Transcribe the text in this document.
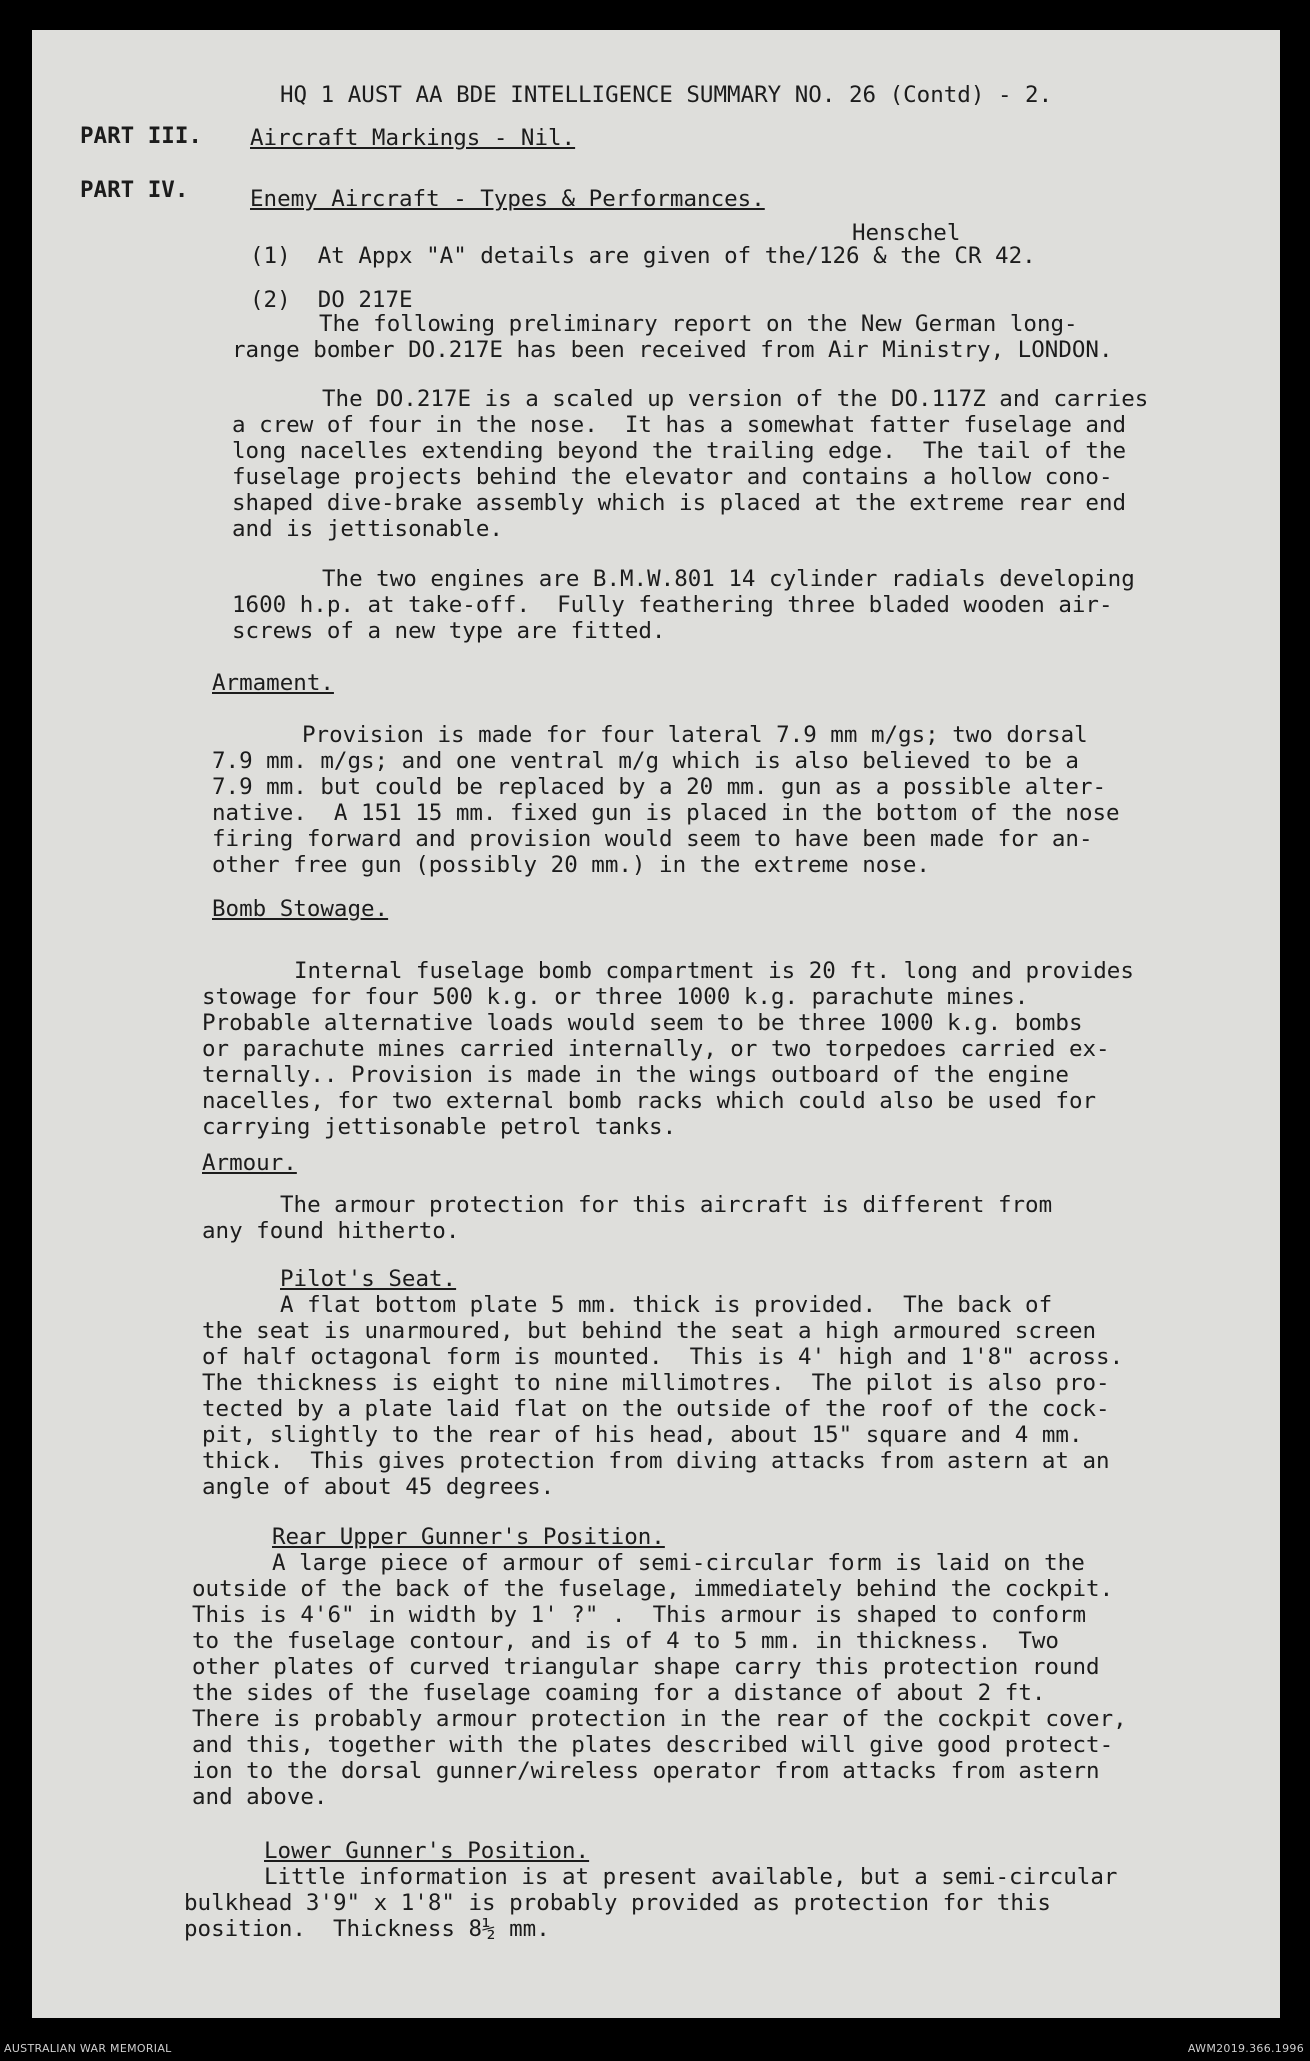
HQ 1 AUST AA BDE INTELLIGENCE SUMMARY NO. 26 (Contd) - 2.
PART III. Aircraft Markings - Nil.
PART IV.	Enemy Aircraft - Types & Performances.
Henschel
(1)  At Appx "A" details are given of the/126 & the CR 42.
(2)  DO 217E
The following preliminary report on the New German long-
range bomber DO.217E has been received from Air Ministry, LONDON.
The DO.217E is a scaled up version of the DO.117Z and carries
a crew of four in the nose.  It has a somewhat fatter fuselage and
long nacelles extending beyond the trailing edge.  The tail of the
fuselage projects behind the elevator and contains a hollow cono-
shaped dive-brake assembly which is placed at the extreme rear end
and is jettisonable.
The two engines are B.M.W.801 14 cylinder radials developing
1600 h.p. at take-off.  Fully feathering three bladed wooden air-
screws of a new type are fitted.
Armament.
Provision is made for four lateral 7.9 mm m/gs; two dorsal
7.9 mm. m/gs; and one ventral m/g which is also believed to be a
7.9 mm. but could be replaced by a 20 mm. gun as a possible alter-
native.  A 151 15 mm. fixed gun is placed in the bottom of the nose
firing forward and provision would seem to have been made for an-
other free gun (possibly 20 mm.) in the extreme nose.
Bomb Stowage.
Internal fuselage bomb compartment is 20 ft. long and provides
stowage for four 500 k.g. or three 1000 k.g. parachute mines.
Probable alternative loads would seem to be three 1000 k.g. bombs
or parachute mines carried internally, or two torpedoes carried ex-
ternally.. Provision is made in the wings outboard of the engine
nacelles, for two external bomb racks which could also be used for
carrying jettisonable petrol tanks.
Armour.
The armour protection for this aircraft is different from
any found hitherto.
Pilot's Seat.
A flat bottom plate 5 mm. thick is provided.  The back of
the seat is unarmoured, but behind the seat a high armoured screen
of half octagonal form is mounted.  This is 4' high and 1'8" across.
The thickness is eight to nine millimotres.  The pilot is also pro-
tected by a plate laid flat on the outside of the roof of the cock-
pit, slightly to the rear of his head, about 15" square and 4 mm.
thick.  This gives protection from diving attacks from astern at an
angle of about 45 degrees.
Rear Upper Gunner's Position.
A large piece of armour of semi-circular form is laid on the
outside of the back of the fuselage, immediately behind the cockpit.
This is 4'6" in width by 1' ?" .  This armour is shaped to conform
to the fuselage contour, and is of 4 to 5 mm. in thickness.  Two
other plates of curved triangular shape carry this protection round
the sides of the fuselage coaming for a distance of about 2 ft.
There is probably armour protection in the rear of the cockpit cover,
and this, together with the plates described will give good protect-
ion to the dorsal gunner/wireless operator from attacks from astern
and above.
Lower Gunner's Position.
Little information is at present available, but a semi-circular
bulkhead 3'9" x 1'8" is probably provided as protection for this
position.  Thickness 8½ mm.
AUSTRALIAN WAR MEMORIAL	AWM2019.366.1996
